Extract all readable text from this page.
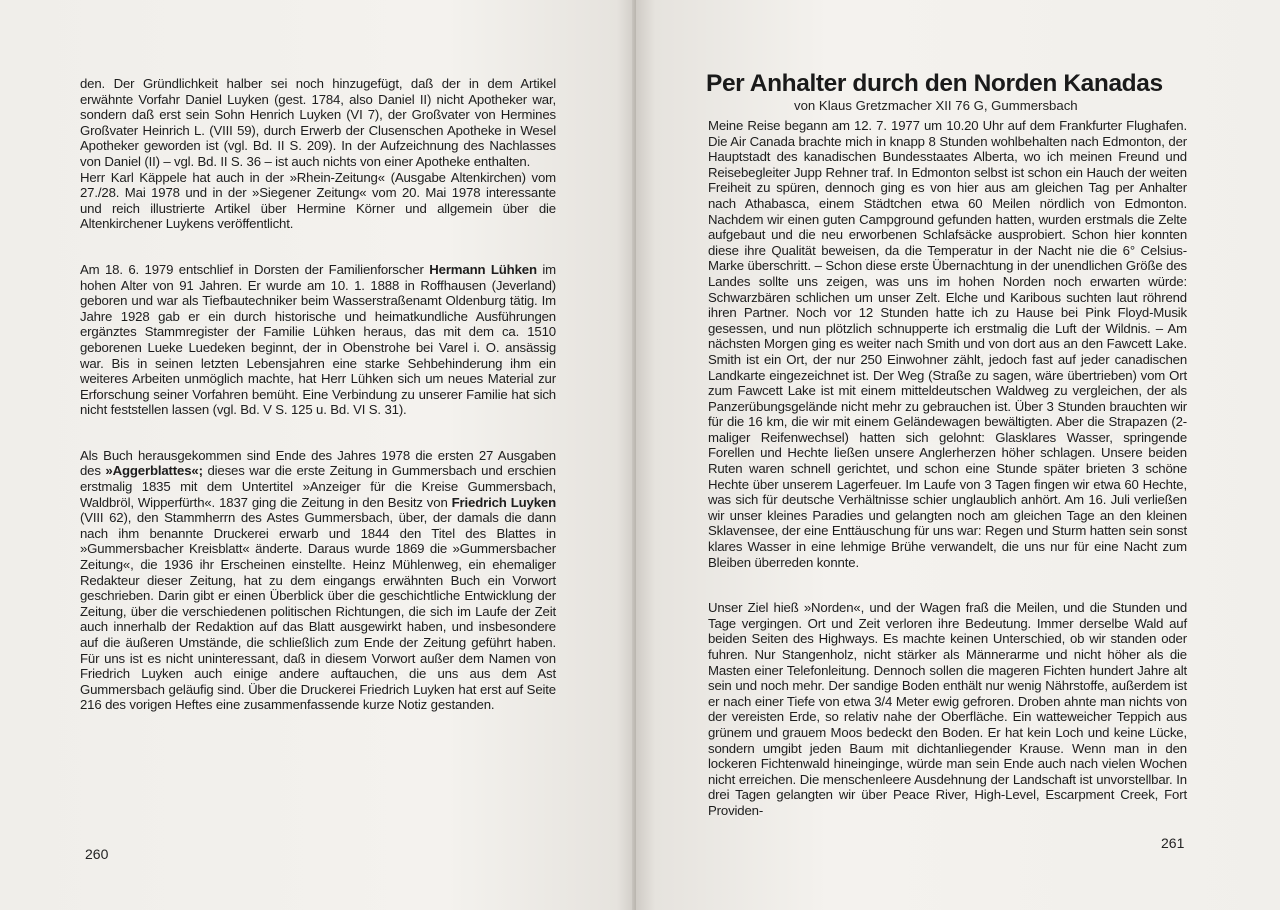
den. Der Gründlichkeit halber sei noch hinzugefügt, daß der in dem Artikel erwähnte Vorfahr Daniel Luyken (gest. 1784, also Daniel II) nicht Apotheker war, sondern daß erst sein Sohn Henrich Luyken (VI 7), der Großvater von Hermines Großvater Heinrich L. (VIII 59), durch Erwerb der Clusenschen Apotheke in Wesel Apotheker geworden ist (vgl. Bd. II S. 209). In der Aufzeichnung des Nachlasses von Daniel (II) – vgl. Bd. II S. 36 – ist auch nichts von einer Apotheke enthalten.

Herr Karl Käppele hat auch in der »Rhein-Zeitung« (Ausgabe Altenkirchen) vom 27./28. Mai 1978 und in der »Siegener Zeitung« vom 20. Mai 1978 interessante und reich illustrierte Artikel über Hermine Körner und allgemein über die Altenkirchener Luykens veröffentlicht.

Am 18. 6. 1979 entschlief in Dorsten der Familienforscher Hermann Lühken im hohen Alter von 91 Jahren. Er wurde am 10. 1. 1888 in Roffhausen (Jeverland) geboren und war als Tiefbautechniker beim Wasserstraßenamt Oldenburg tätig. Im Jahre 1928 gab er ein durch historische und heimatkundliche Ausführungen ergänztes Stammregister der Familie Lühken heraus, das mit dem ca. 1510 geborenen Lueke Luedeken beginnt, der in Obenstrohe bei Varel i. O. ansässig war. Bis in seinen letzten Lebensjahren eine starke Sehbehinderung ihm ein weiteres Arbeiten unmöglich machte, hat Herr Lühken sich um neues Material zur Erforschung seiner Vorfahren bemüht. Eine Verbindung zu unserer Familie hat sich nicht feststellen lassen (vgl. Bd. V S. 125 u. Bd. VI S. 31).

Als Buch herausgekommen sind Ende des Jahres 1978 die ersten 27 Ausgaben des »Aggerblattes«; dieses war die erste Zeitung in Gummersbach und erschien erstmalig 1835 mit dem Untertitel »Anzeiger für die Kreise Gummersbach, Waldbröl, Wipperfürth«. 1837 ging die Zeitung in den Besitz von Friedrich Luyken (VIII 62), den Stammherrn des Astes Gummersbach, über, der damals die dann nach ihm benannte Druckerei erwarb und 1844 den Titel des Blattes in »Gummersbacher Kreisblatt« änderte. Daraus wurde 1869 die »Gummersbacher Zeitung«, die 1936 ihr Erscheinen einstellte. Heinz Mühlenweg, ein ehemaliger Redakteur dieser Zeitung, hat zu dem eingangs erwähnten Buch ein Vorwort geschrieben. Darin gibt er einen Überblick über die geschichtliche Entwicklung der Zeitung, über die verschiedenen politischen Richtungen, die sich im Laufe der Zeit auch innerhalb der Redaktion auf das Blatt ausgewirkt haben, und insbesondere auf die äußeren Umstände, die schließlich zum Ende der Zeitung geführt haben. Für uns ist es nicht uninteressant, daß in diesem Vorwort außer dem Namen von Friedrich Luyken auch einige andere auftauchen, die uns aus dem Ast Gummersbach geläufig sind. Über die Druckerei Friedrich Luyken hat erst auf Seite 216 des vorigen Heftes eine zusammenfassende kurze Notiz gestanden.

260
Per Anhalter durch den Norden Kanadas
von Klaus Gretzmacher XII 76 G, Gummersbach

Meine Reise begann am 12. 7. 1977 um 10.20 Uhr auf dem Frankfurter Flughafen. Die Air Canada brachte mich in knapp 8 Stunden wohlbehalten nach Edmonton, der Hauptstadt des kanadischen Bundesstaates Alberta, wo ich meinen Freund und Reisebegleiter Jupp Rehner traf. In Edmonton selbst ist schon ein Hauch der weiten Freiheit zu spüren, dennoch ging es von hier aus am gleichen Tag per Anhalter nach Athabasca, einem Städtchen etwa 60 Meilen nördlich von Edmonton. Nachdem wir einen guten Campground gefunden hatten, wurden erstmals die Zelte aufgebaut und die neu erworbenen Schlafsäcke ausprobiert. Schon hier konnten diese ihre Qualität beweisen, da die Temperatur in der Nacht nie die 6° Celsius-Marke überschritt. – Schon diese erste Übernachtung in der unendlichen Größe des Landes sollte uns zeigen, was uns im hohen Norden noch erwarten würde: Schwarzbären schlichen um unser Zelt. Elche und Karibous suchten laut röhrend ihren Partner. Noch vor 12 Stunden hatte ich zu Hause bei Pink Floyd-Musik gesessen, und nun plötzlich schnupperte ich erstmalig die Luft der Wildnis. – Am nächsten Morgen ging es weiter nach Smith und von dort aus an den Fawcett Lake. Smith ist ein Ort, der nur 250 Einwohner zählt, jedoch fast auf jeder canadischen Landkarte eingezeichnet ist. Der Weg (Straße zu sagen, wäre übertrieben) vom Ort zum Fawcett Lake ist mit einem mitteldeutschen Waldweg zu vergleichen, der als Panzerübungsgelände nicht mehr zu gebrauchen ist. Über 3 Stunden brauchten wir für die 16 km, die wir mit einem Geländewagen bewältigten. Aber die Strapazen (2-maliger Reifenwechsel) hatten sich gelohnt: Glasklares Wasser, springende Forellen und Hechte ließen unsere Anglerherzen höher schlagen. Unsere beiden Ruten waren schnell gerichtet, und schon eine Stunde später brieten 3 schöne Hechte über unserem Lagerfeuer. Im Laufe von 3 Tagen fingen wir etwa 60 Hechte, was sich für deutsche Verhältnisse schier unglaublich anhört. Am 16. Juli verließen wir unser kleines Paradies und gelangten noch am gleichen Tage an den kleinen Sklavensee, der eine Enttäuschung für uns war: Regen und Sturm hatten sein sonst klares Wasser in eine lehmige Brühe verwandelt, die uns nur für eine Nacht zum Bleiben überreden konnte.

Unser Ziel hieß »Norden«, und der Wagen fraß die Meilen, und die Stunden und Tage vergingen. Ort und Zeit verloren ihre Bedeutung. Immer derselbe Wald auf beiden Seiten des Highways. Es machte keinen Unterschied, ob wir standen oder fuhren. Nur Stangenholz, nicht stärker als Männerarme und nicht höher als die Masten einer Telefonleitung. Dennoch sollen die mageren Fichten hundert Jahre alt sein und noch mehr. Der sandige Boden enthält nur wenig Nährstoffe, außerdem ist er nach einer Tiefe von etwa 3/4 Meter ewig gefroren. Droben ahnte man nichts von der vereisten Erde, so relativ nahe der Oberfläche. Ein watteweicher Teppich aus grünem und grauem Moos bedeckt den Boden. Er hat kein Loch und keine Lücke, sondern umgibt jeden Baum mit dichtanliegender Krause. Wenn man in den lockeren Fichtenwald hineinginge, würde man sein Ende auch nach vielen Wochen nicht erreichen. Die menschenleere Ausdehnung der Landschaft ist unvorstellbar. In drei Tagen gelangten wir über Peace River, High-Level, Escarpment Creek, Fort Providen-

261
